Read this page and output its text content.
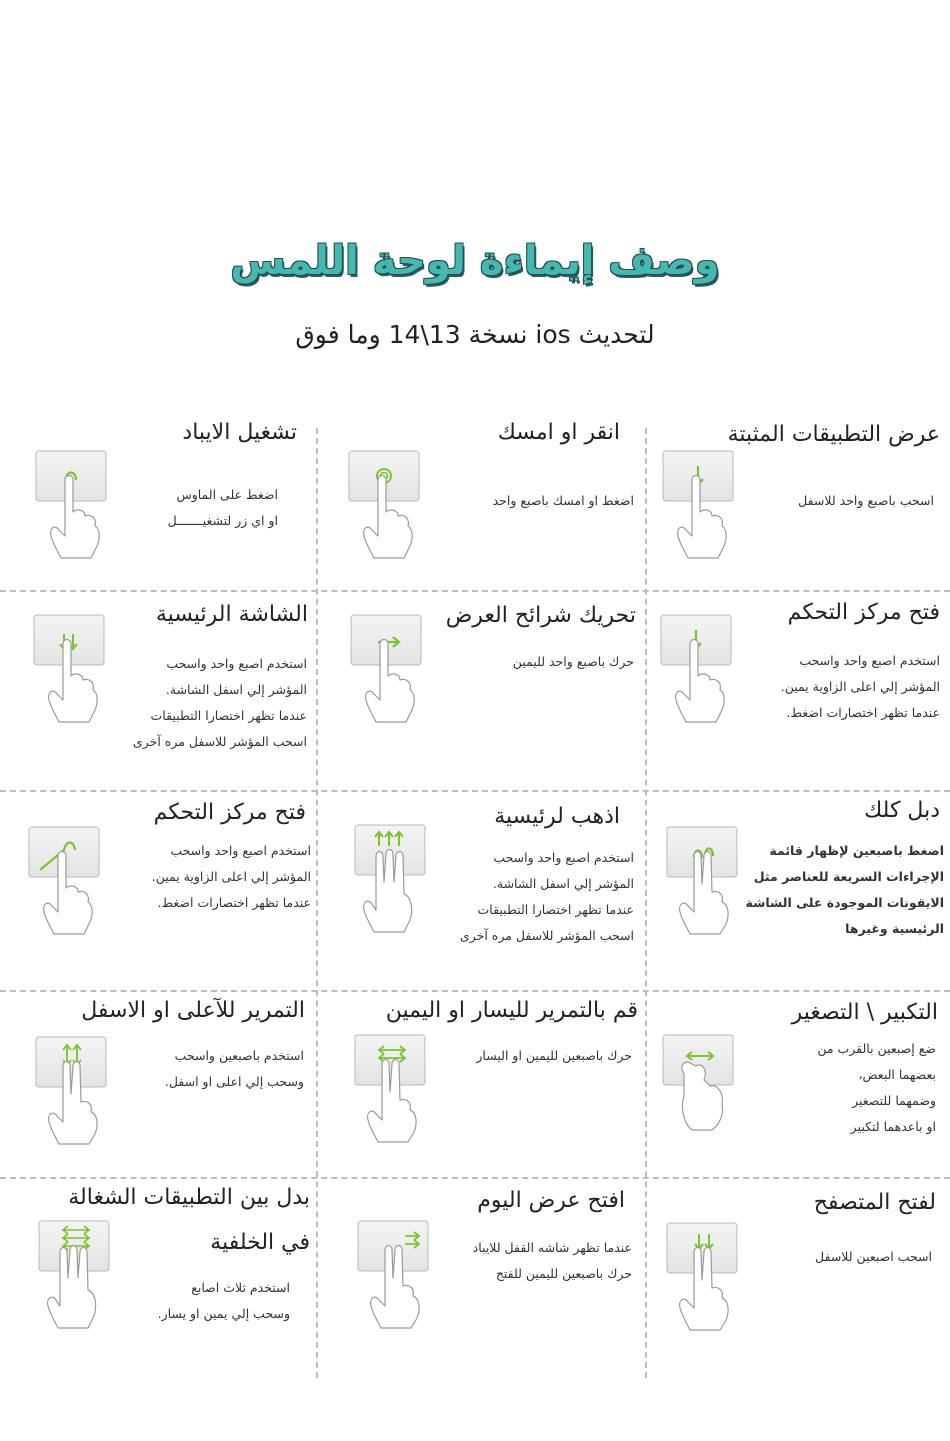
وصف إيماءة لوحة اللمس
لتحديث ios نسخة 13\14 وما فوق
عرض التطبيقات المثبتة
اسحب باصبع واحد للاسفل
انقر او امسك
اضغط او امسك باصبع واحد
تشغيل الايباد
اضغط على الماوس
او اي زر لتشغيـــــــل
فتح مركز التحكم
استخدم اصبع واحد واسحب
المؤشر إلي اعلى الزاوية يمين.
عندما تظهر اختصارات اضغط.
تحريك شرائح العرض
حرك باصبع واحد لليمين
الشاشة الرئيسية
استخدم اصبع واحد واسحب
المؤشر إلي اسفل الشاشة.
عندما تظهر اختصارا التطبيقات
اسحب المؤشر للاسفل مره آخرى
دبل كلك
اضغط باصبعين لإظهار قائمة
الإجراءات السريعة للعناصر مثل
الايقونات الموجودة على الشاشة
الرئيسية وغيرها
اذهب لرئيسية
استخدم اصبع واحد واسحب
المؤشر إلي اسفل الشاشة.
عندما تظهر اختصارا التطبيقات
اسحب المؤشر للاسفل مره آخرى
فتح مركز التحكم
استخدم اصبع واحد واسحب
المؤشر إلي اعلى الزاوية يمين.
عندما تظهر اختصارات اضغط.
التكبير \ التصغير
ضع إصبعين بالقرب من
بعضهما البعض،
وضمهما للتصغير
او باعدهما لتكبير
قم بالتمرير لليسار او اليمين
حرك باصبعين لليمين او اليسار
التمرير للآعلى او الاسفل
استخدم باصبعين واسحب
وسحب إلي اعلى او اسفل.
لفتح المتصفح
اسحب اصبعين للاسفل
افتح عرض اليوم
عندما تظهر شاشه القفل للايباد
حرك باصبعين لليمين للفتح
بدل بين التطبيقات الشغالة
في الخلفية
استخدم ثلاث اصابع
وسحب إلي يمين او يسار.
